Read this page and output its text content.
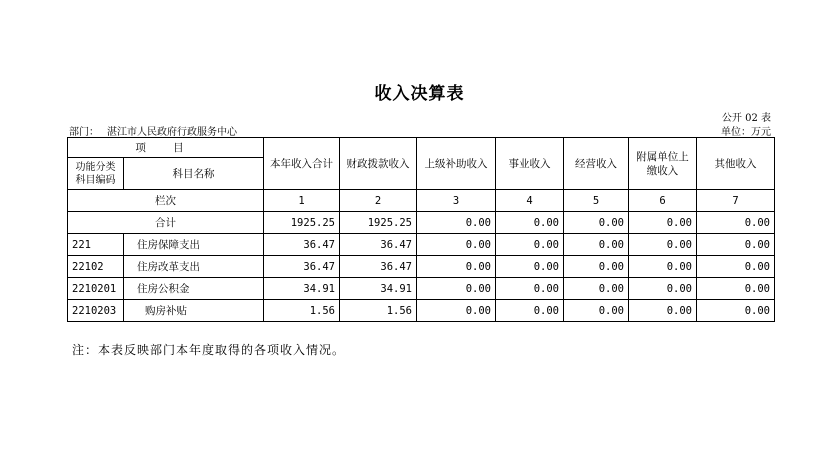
收入决算表
公开 02 表
部门： 湛江市人民政府行政服务中心	单位：万元
项 目		本年收入合计	财政拨款收入	上级补助收入	事业收入	经营收入	附属单位上缴收入	其他收入
功能分类科目编码	科目名称							
栏次		1	2	3	4	5	6	7
合计		1925.25	1925.25	0.00	0.00	0.00	0.00	0.00
221	住房保障支出	36.47	36.47	0.00	0.00	0.00	0.00	0.00
22102	住房改革支出	36.47	36.47	0.00	0.00	0.00	0.00	0.00
2210201	住房公积金	34.91	34.91	0.00	0.00	0.00	0.00	0.00
2210203	购房补贴	1.56	1.56	0.00	0.00	0.00	0.00	0.00
注：本表反映部门本年度取得的各项收入情况。
